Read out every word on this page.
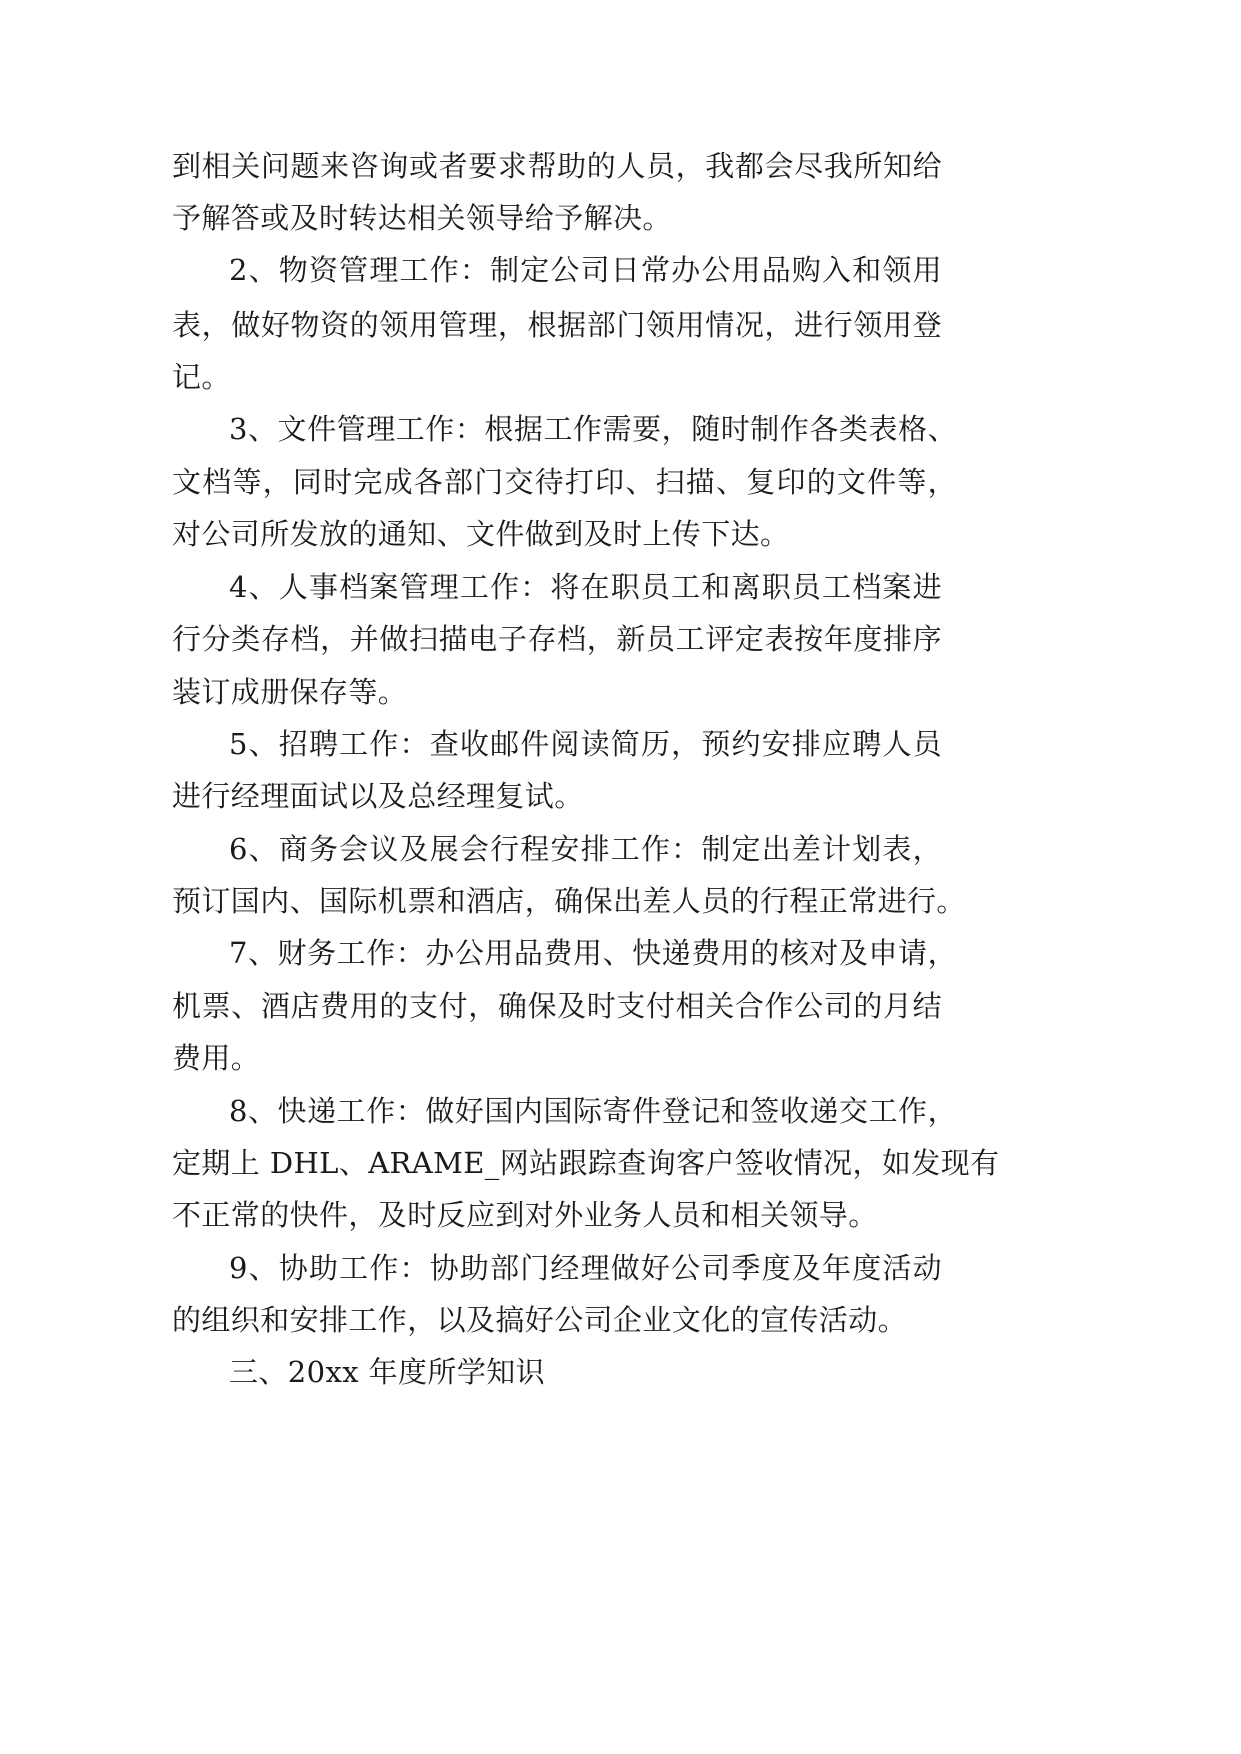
到相关问题来咨询或者要求帮助的人员，我都会尽我所知给
予解答或及时转达相关领导给予解决。
2、物资管理工作：制定公司日常办公用品购入和领用
表，做好物资的领用管理，根据部门领用情况，进行领用登
记。
3、文件管理工作：根据工作需要，随时制作各类表格、
文档等，同时完成各部门交待打印、扫描、复印的文件等，
对公司所发放的通知、文件做到及时上传下达。
4、人事档案管理工作：将在职员工和离职员工档案进
行分类存档，并做扫描电子存档，新员工评定表按年度排序
装订成册保存等。
5、招聘工作：查收邮件阅读简历，预约安排应聘人员
进行经理面试以及总经理复试。
6、商务会议及展会行程安排工作：制定出差计划表，
预订国内、国际机票和酒店，确保出差人员的行程正常进行。
7、财务工作：办公用品费用、快递费用的核对及申请，
机票、酒店费用的支付，确保及时支付相关合作公司的月结
费用。
8、快递工作：做好国内国际寄件登记和签收递交工作，
定期上 DHL、ARAME_网站跟踪查询客户签收情况，如发现有
不正常的快件，及时反应到对外业务人员和相关领导。
9、协助工作：协助部门经理做好公司季度及年度活动
的组织和安排工作，以及搞好公司企业文化的宣传活动。
三、20xx 年度所学知识
